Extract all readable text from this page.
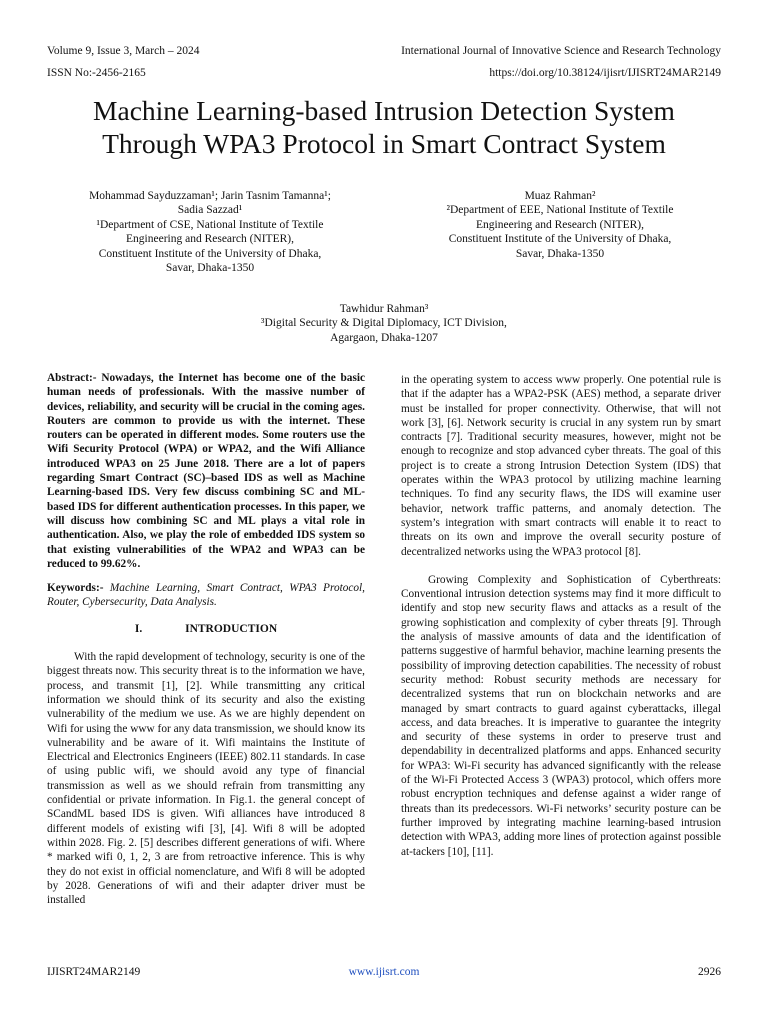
Volume 9, Issue 3, March – 2024
ISSN No:-2456-2165
International Journal of Innovative Science and Research Technology
https://doi.org/10.38124/ijisrt/IJISRT24MAR2149
Machine Learning-based Intrusion Detection System
Through WPA3 Protocol in Smart Contract System
Mohammad Sayduzzaman¹; Jarin Tasnim Tamanna¹;
Sadia Sazzad¹
¹Department of CSE, National Institute of Textile
Engineering and Research (NITER),
Constituent Institute of the University of Dhaka,
Savar, Dhaka-1350
Muaz Rahman²
²Department of EEE, National Institute of Textile
Engineering and Research (NITER),
Constituent Institute of the University of Dhaka,
Savar, Dhaka-1350
Tawhidur Rahman³
³Digital Security & Digital Diplomacy, ICT Division,
Agargaon, Dhaka-1207

Abstract:- Nowadays, the Internet has become one of the basic human needs of professionals. With the massive number of devices, reliability, and security will be crucial in the coming ages. Routers are common to provide us with the internet. These routers can be operated in different modes. Some routers use the Wifi Security Protocol (WPA) or WPA2, and the Wifi Alliance introduced WPA3 on 25 June 2018. There are a lot of papers regarding Smart Contract (SC)–based IDS as well as Machine Learning-based IDS. Very few discuss combining SC and ML-based IDS for different authentication processes. In this paper, we will discuss how combining SC and ML plays a vital role in authentication. Also, we play the role of embedded IDS system so that existing vulnerabilities of the WPA2 and WPA3 can be reduced to 99.62%.

Keywords:- Machine Learning, Smart Contract, WPA3 Protocol, Router, Cybersecurity, Data Analysis.

I.	INTRODUCTION

With the rapid development of technology, security is one of the biggest threats now. This security threat is to the information we have, process, and transmit [1], [2]. While transmitting any critical information we should think of its security and also the existing vulnerability of the medium we use. As we are highly dependent on Wifi for using the www for any data transmission, we should know its vulnerability and be aware of it. Wifi maintains the Institute of Electrical and Electronics Engineers (IEEE) 802.11 standards. In case of using public wifi, we should avoid any type of financial transmission as well as we should refrain from transmitting any confidential or private information. In Fig.1. the general concept of SCandML based IDS is given. Wifi alliances have introduced 8 different models of existing wifi [3], [4]. Wifi 8 will be adopted within 2028. Fig. 2. [5] describes different generations of wifi. Where * marked wifi 0, 1, 2, 3 are from retroactive inference. This is why they do not exist in official nomenclature, and Wifi 8 will be adopted by 2028. Generations of wifi and their adapter driver must be installed

in the operating system to access www properly. One potential rule is that if the adapter has a WPA2-PSK (AES) method, a separate driver must be installed for proper connectivity. Otherwise, that will not work [3], [6]. Network security is crucial in any system run by smart contracts [7]. Traditional security measures, however, might not be enough to recognize and stop advanced cyber threats. The goal of this project is to create a strong Intrusion Detection System (IDS) that operates within the WPA3 protocol by utilizing machine learning techniques. To find any security flaws, the IDS will examine user behavior, network traffic patterns, and anomaly detection. The system’s integration with smart contracts will enable it to react to threats on its own and improve the overall security posture of decentralized networks using the WPA3 protocol [8].

Growing Complexity and Sophistication of Cyberthreats: Conventional intrusion detection systems may find it more difficult to identify and stop new security flaws and attacks as a result of the growing sophistication and complexity of cyber threats [9]. Through the analysis of massive amounts of data and the identification of patterns suggestive of harmful behavior, machine learning presents the possibility of improving detection capabilities. The necessity of robust security method: Robust security methods are necessary for decentralized systems that run on blockchain networks and are managed by smart contracts to guard against cyberattacks, illegal access, and data breaches. It is imperative to guarantee the integrity and security of these systems in order to preserve trust and dependability in decentralized platforms and apps. Enhanced security for WPA3: Wi-Fi security has advanced significantly with the release of the Wi-Fi Protected Access 3 (WPA3) protocol, which offers more robust encryption techniques and defense against a wider range of threats than its predecessors. Wi-Fi networks’ security posture can be further improved by integrating machine learning-based intrusion detection with WPA3, adding more lines of protection against possible at-tackers [10], [11].

IJISRT24MAR2149	www.ijisrt.com	2926
